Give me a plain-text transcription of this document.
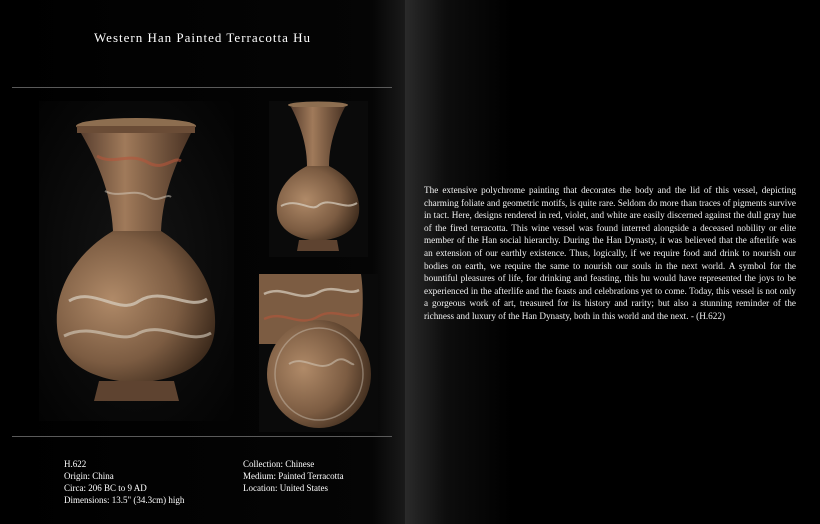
Western Han Painted Terracotta Hu
H.622
Origin: China
Circa: 206 BC to 9 AD
Dimensions: 13.5" (34.3cm) high
Collection: Chinese
Medium: Painted Terracotta
Location: United States
The extensive polychrome painting that decorates the body and the lid of this vessel, depicting charming foliate and geometric motifs, is quite rare. Seldom do more than traces of pigments survive in tact. Here, designs rendered in red, violet, and white are easily discerned against the dull gray hue of the fired terracotta. This wine vessel was found interred alongside a deceased nobility or elite member of the Han social hierarchy. During the Han Dynasty, it was believed that the afterlife was an extension of our earthly existence. Thus, logically, if we require food and drink to nourish our bodies on earth, we require the same to nourish our souls in the next world. A symbol for the bountiful pleasures of life, for drinking and feasting, this hu would have represented the joys to be experienced in the afterlife and the feasts and celebrations yet to come. Today, this vessel is not only a gorgeous work of art, treasured for its history and rarity; but also a stunning reminder of the richness and luxury of the Han Dynasty, both in this world and the next. - (H.622)
